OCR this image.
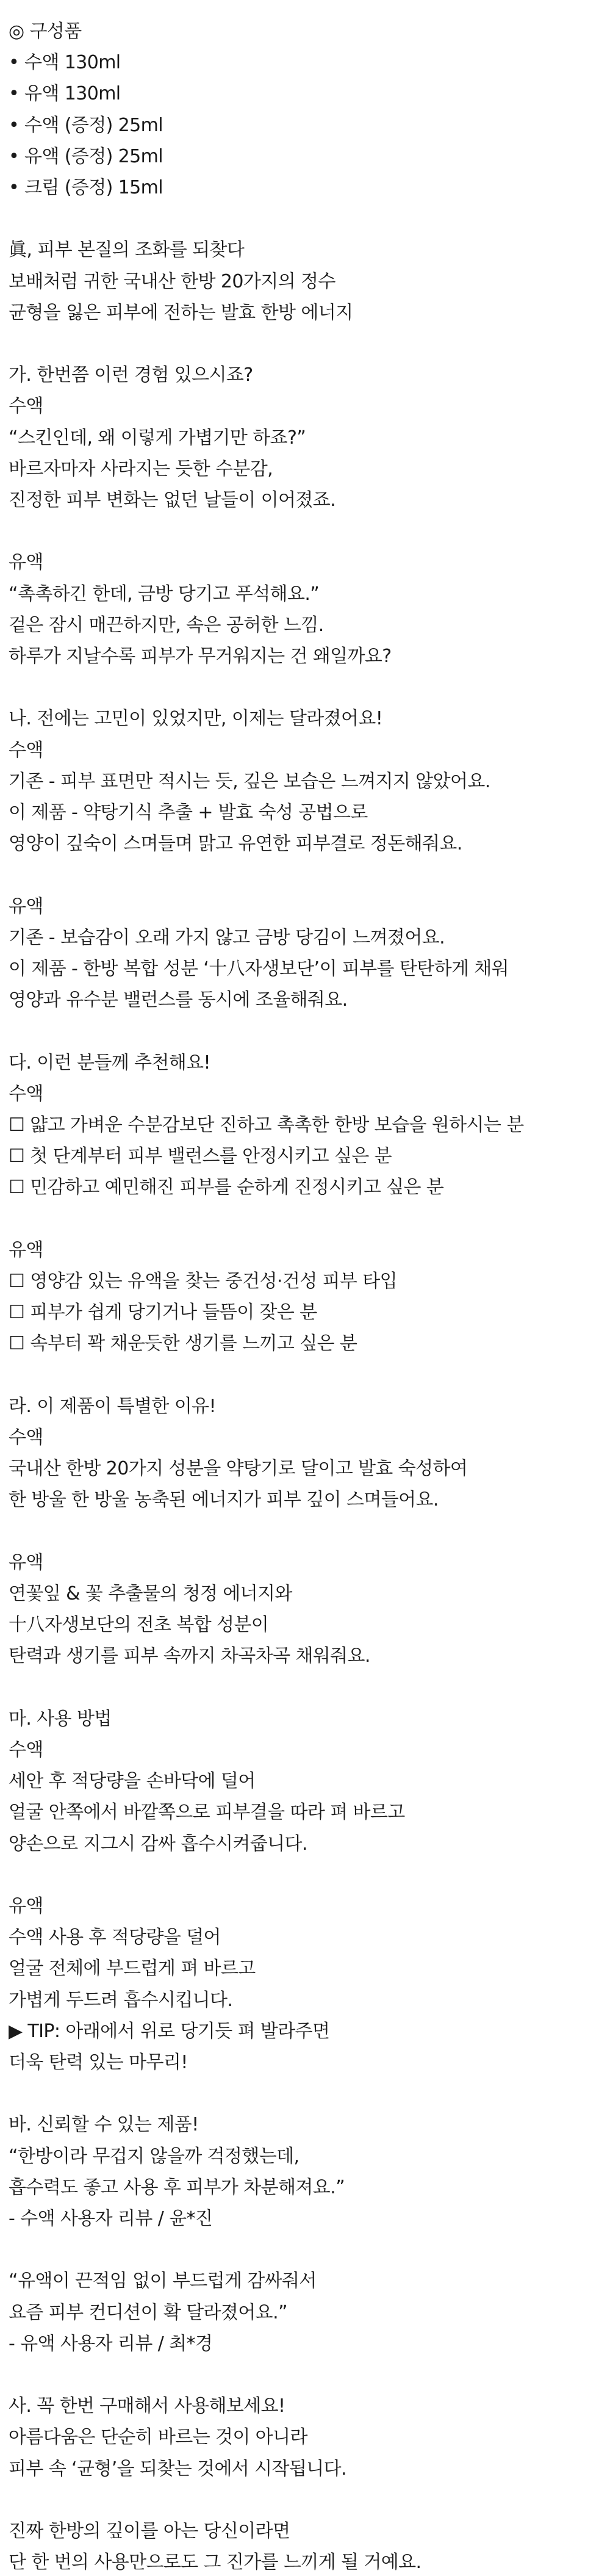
◎ 구성품
• 수액 130ml
• 유액 130ml
• 수액 (증정) 25ml
• 유액 (증정) 25ml
• 크림 (증정) 15ml
眞, 피부 본질의 조화를 되찾다
보배처럼 귀한 국내산 한방 20가지의 정수
균형을 잃은 피부에 전하는 발효 한방 에너지
가. 한번쯤 이런 경험 있으시죠?
수액
“스킨인데, 왜 이렇게 가볍기만 하죠?”
바르자마자 사라지는 듯한 수분감,
진정한 피부 변화는 없던 날들이 이어졌죠.
유액
“촉촉하긴 한데, 금방 당기고 푸석해요.”
겉은 잠시 매끈하지만, 속은 공허한 느낌.
하루가 지날수록 피부가 무거워지는 건 왜일까요?
나. 전에는 고민이 있었지만, 이제는 달라졌어요!
수액
기존 - 피부 표면만 적시는 듯, 깊은 보습은 느껴지지 않았어요.
이 제품 - 약탕기식 추출 + 발효 숙성 공법으로
영양이 깊숙이 스며들며 맑고 유연한 피부결로 정돈해줘요.
유액
기존 - 보습감이 오래 가지 않고 금방 당김이 느껴졌어요.
이 제품 - 한방 복합 성분 ‘十八자생보단’이 피부를 탄탄하게 채워
영양과 유수분 밸런스를 동시에 조율해줘요.
다. 이런 분들께 추천해요!
수액
☐ 얇고 가벼운 수분감보단 진하고 촉촉한 한방 보습을 원하시는 분
☐ 첫 단계부터 피부 밸런스를 안정시키고 싶은 분
☐ 민감하고 예민해진 피부를 순하게 진정시키고 싶은 분
유액
☐ 영양감 있는 유액을 찾는 중건성·건성 피부 타입
☐ 피부가 쉽게 당기거나 들뜸이 잦은 분
☐ 속부터 꽉 채운듯한 생기를 느끼고 싶은 분
라. 이 제품이 특별한 이유!
수액
국내산 한방 20가지 성분을 약탕기로 달이고 발효 숙성하여
한 방울 한 방울 농축된 에너지가 피부 깊이 스며들어요.
유액
연꽃잎 & 꽃 추출물의 청정 에너지와
十八자생보단의 전초 복합 성분이
탄력과 생기를 피부 속까지 차곡차곡 채워줘요.
마. 사용 방법
수액
세안 후 적당량을 손바닥에 덜어
얼굴 안쪽에서 바깥쪽으로 피부결을 따라 펴 바르고
양손으로 지그시 감싸 흡수시켜줍니다.
유액
수액 사용 후 적당량을 덜어
얼굴 전체에 부드럽게 펴 바르고
가볍게 두드려 흡수시킵니다.
▶ TIP: 아래에서 위로 당기듯 펴 발라주면
더욱 탄력 있는 마무리!
바. 신뢰할 수 있는 제품!
“한방이라 무겁지 않을까 걱정했는데,
흡수력도 좋고 사용 후 피부가 차분해져요.”
- 수액 사용자 리뷰 / 윤*진
“유액이 끈적임 없이 부드럽게 감싸줘서
요즘 피부 컨디션이 확 달라졌어요.”
- 유액 사용자 리뷰 / 최*경
사. 꼭 한번 구매해서 사용해보세요!
아름다움은 단순히 바르는 것이 아니라
피부 속 ‘균형’을 되찾는 것에서 시작됩니다.
진짜 한방의 깊이를 아는 당신이라면
단 한 번의 사용만으로도 그 진가를 느끼게 될 거예요.
